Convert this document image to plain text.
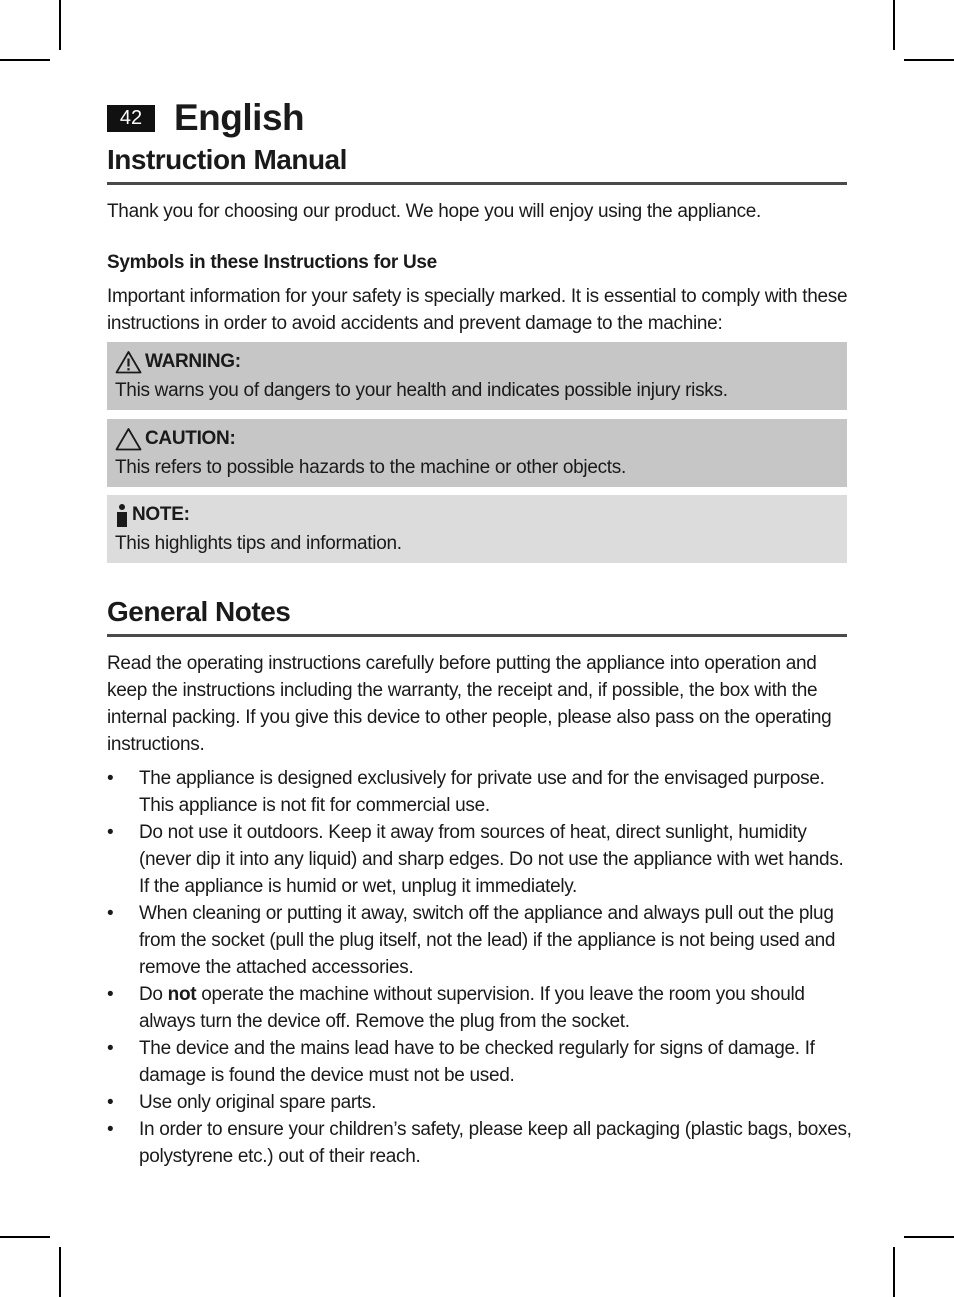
42 English
Instruction Manual
Thank you for choosing our product. We hope you will enjoy using the appliance.
Symbols in these Instructions for Use
Important information for your safety is specially marked. It is essential to comply with these instructions in order to avoid accidents and prevent damage to the machine:
WARNING:
This warns you of dangers to your health and indicates possible injury risks.
CAUTION:
This refers to possible hazards to the machine or other objects.
NOTE:
This highlights tips and information.
General Notes
Read the operating instructions carefully before putting the appliance into operation and keep the instructions including the warranty, the receipt and, if possible, the box with the internal packing. If you give this device to other people, please also pass on the operating instructions.
•	The appliance is designed exclusively for private use and for the envisaged purpose. This appliance is not fit for commercial use.
•	Do not use it outdoors. Keep it away from sources of heat, direct sunlight, humidity (never dip it into any liquid) and sharp edges. Do not use the appliance with wet hands. If the appliance is humid or wet, unplug it immediately.
•	When cleaning or putting it away, switch off the appliance and always pull out the plug from the socket (pull the plug itself, not the lead) if the appliance is not being used and remove the attached accessories.
•	Do not operate the machine without supervision. If you leave the room you should always turn the device off. Remove the plug from the socket.
•	The device and the mains lead have to be checked regularly for signs of damage. If damage is found the device must not be used.
•	Use only original spare parts.
•	In order to ensure your children’s safety, please keep all packaging (plastic bags, boxes, polystyrene etc.) out of their reach.
